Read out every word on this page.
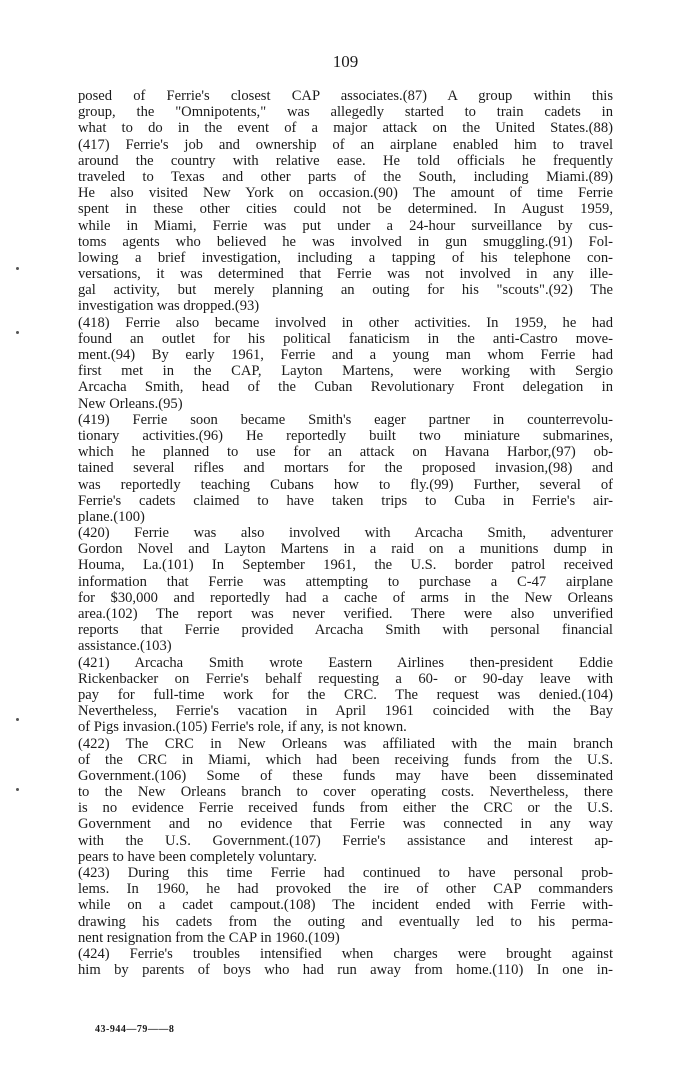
109
posed of Ferrie's closest CAP associates.(87) A group within this
group, the "Omnipotents," was allegedly started to train cadets in
what to do in the event of a major attack on the United States.(88)
(417) Ferrie's job and ownership of an airplane enabled him to travel
around the country with relative ease. He told officials he frequently
traveled to Texas and other parts of the South, including Miami.(89)
He also visited New York on occasion.(90) The amount of time Ferrie
spent in these other cities could not be determined. In August 1959,
while in Miami, Ferrie was put under a 24-hour surveillance by cus-
toms agents who believed he was involved in gun smuggling.(91) Fol-
lowing a brief investigation, including a tapping of his telephone con-
versations, it was determined that Ferrie was not involved in any ille-
gal activity, but merely planning an outing for his "scouts".(92) The
investigation was dropped.(93)
(418) Ferrie also became involved in other activities. In 1959, he had
found an outlet for his political fanaticism in the anti-Castro move-
ment.(94) By early 1961, Ferrie and a young man whom Ferrie had
first met in the CAP, Layton Martens, were working with Sergio
Arcacha Smith, head of the Cuban Revolutionary Front delegation in
New Orleans.(95)
(419) Ferrie soon became Smith's eager partner in counterrevolu-
tionary activities.(96) He reportedly built two miniature submarines,
which he planned to use for an attack on Havana Harbor,(97) ob-
tained several rifles and mortars for the proposed invasion,(98) and
was reportedly teaching Cubans how to fly.(99) Further, several of
Ferrie's cadets claimed to have taken trips to Cuba in Ferrie's air-
plane.(100)
(420) Ferrie was also involved with Arcacha Smith, adventurer
Gordon Novel and Layton Martens in a raid on a munitions dump in
Houma, La.(101) In September 1961, the U.S. border patrol received
information that Ferrie was attempting to purchase a C-47 airplane
for $30,000 and reportedly had a cache of arms in the New Orleans
area.(102) The report was never verified. There were also unverified
reports that Ferrie provided Arcacha Smith with personal financial
assistance.(103)
(421) Arcacha Smith wrote Eastern Airlines then-president Eddie
Rickenbacker on Ferrie's behalf requesting a 60- or 90-day leave with
pay for full-time work for the CRC. The request was denied.(104)
Nevertheless, Ferrie's vacation in April 1961 coincided with the Bay
of Pigs invasion.(105) Ferrie's role, if any, is not known.
(422) The CRC in New Orleans was affiliated with the main branch
of the CRC in Miami, which had been receiving funds from the U.S.
Government.(106) Some of these funds may have been disseminated
to the New Orleans branch to cover operating costs. Nevertheless, there
is no evidence Ferrie received funds from either the CRC or the U.S.
Government and no evidence that Ferrie was connected in any way
with the U.S. Government.(107) Ferrie's assistance and interest ap-
pears to have been completely voluntary.
(423) During this time Ferrie had continued to have personal prob-
lems. In 1960, he had provoked the ire of other CAP commanders
while on a cadet campout.(108) The incident ended with Ferrie with-
drawing his cadets from the outing and eventually led to his perma-
nent resignation from the CAP in 1960.(109)
(424) Ferrie's troubles intensified when charges were brought against
him by parents of boys who had run away from home.(110) In one in-
43-944—79——8
